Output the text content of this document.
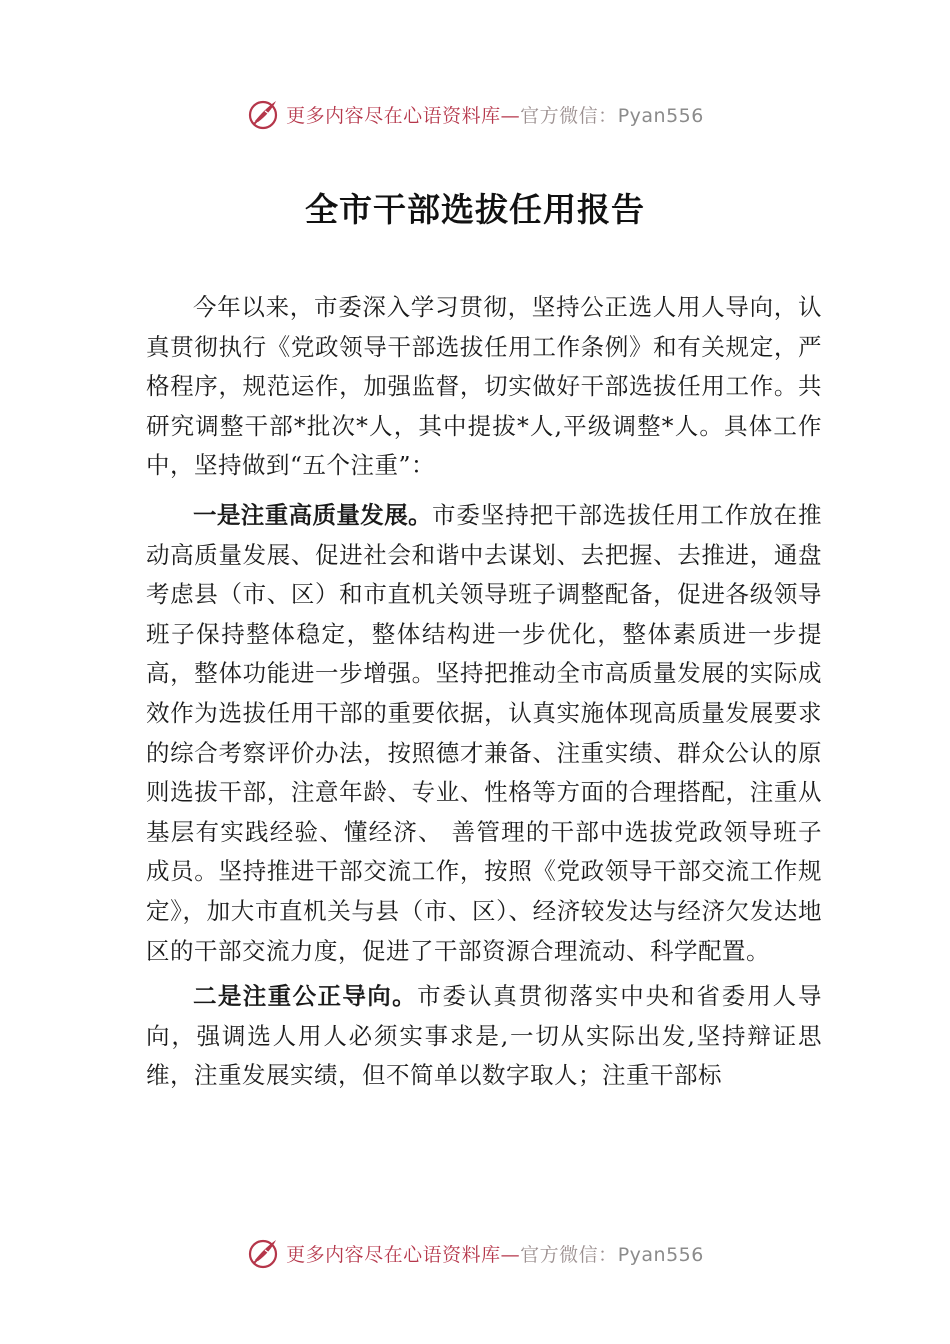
更多内容尽在心语资料库—官方微信：Pyan556
全市干部选拔任用报告

今年以来，市委深入学习贯彻，坚持公正选人用人导向，认真贯彻执行《党政领导干部选拔任用工作条例》和有关规定，严格程序，规范运作，加强监督，切实做好干部选拔任用工作。共研究调整干部*批次*人，其中提拔*人,平级调整*人。具体工作中，坚持做到“五个注重”：

一是注重高质量发展。市委坚持把干部选拔任用工作放在推动高质量发展、促进社会和谐中去谋划、去把握、去推进，通盘考虑县（市、区）和市直机关领导班子调整配备，促进各级领导班子保持整体稳定，整体结构进一步优化，整体素质进一步提高，整体功能进一步增强。坚持把推动全市高质量发展的实际成效作为选拔任用干部的重要依据，认真实施体现高质量发展要求的综合考察评价办法，按照德才兼备、注重实绩、群众公认的原则选拔干部，注意年龄、专业、性格等方面的合理搭配，注重从基层有实践经验、懂经济、 善管理的干部中选拔党政领导班子成员。坚持推进干部交流工作，按照《党政领导干部交流工作规定》，加大市直机关与县（市、区）、经济较发达与经济欠发达地区的干部交流力度，促进了干部资源合理流动、科学配置。

二是注重公正导向。市委认真贯彻落实中央和省委用人导向，强调选人用人必须实事求是,一切从实际出发,坚持辩证思维，注重发展实绩，但不简单以数字取人；注重干部标

更多内容尽在心语资料库—官方微信：Pyan556
